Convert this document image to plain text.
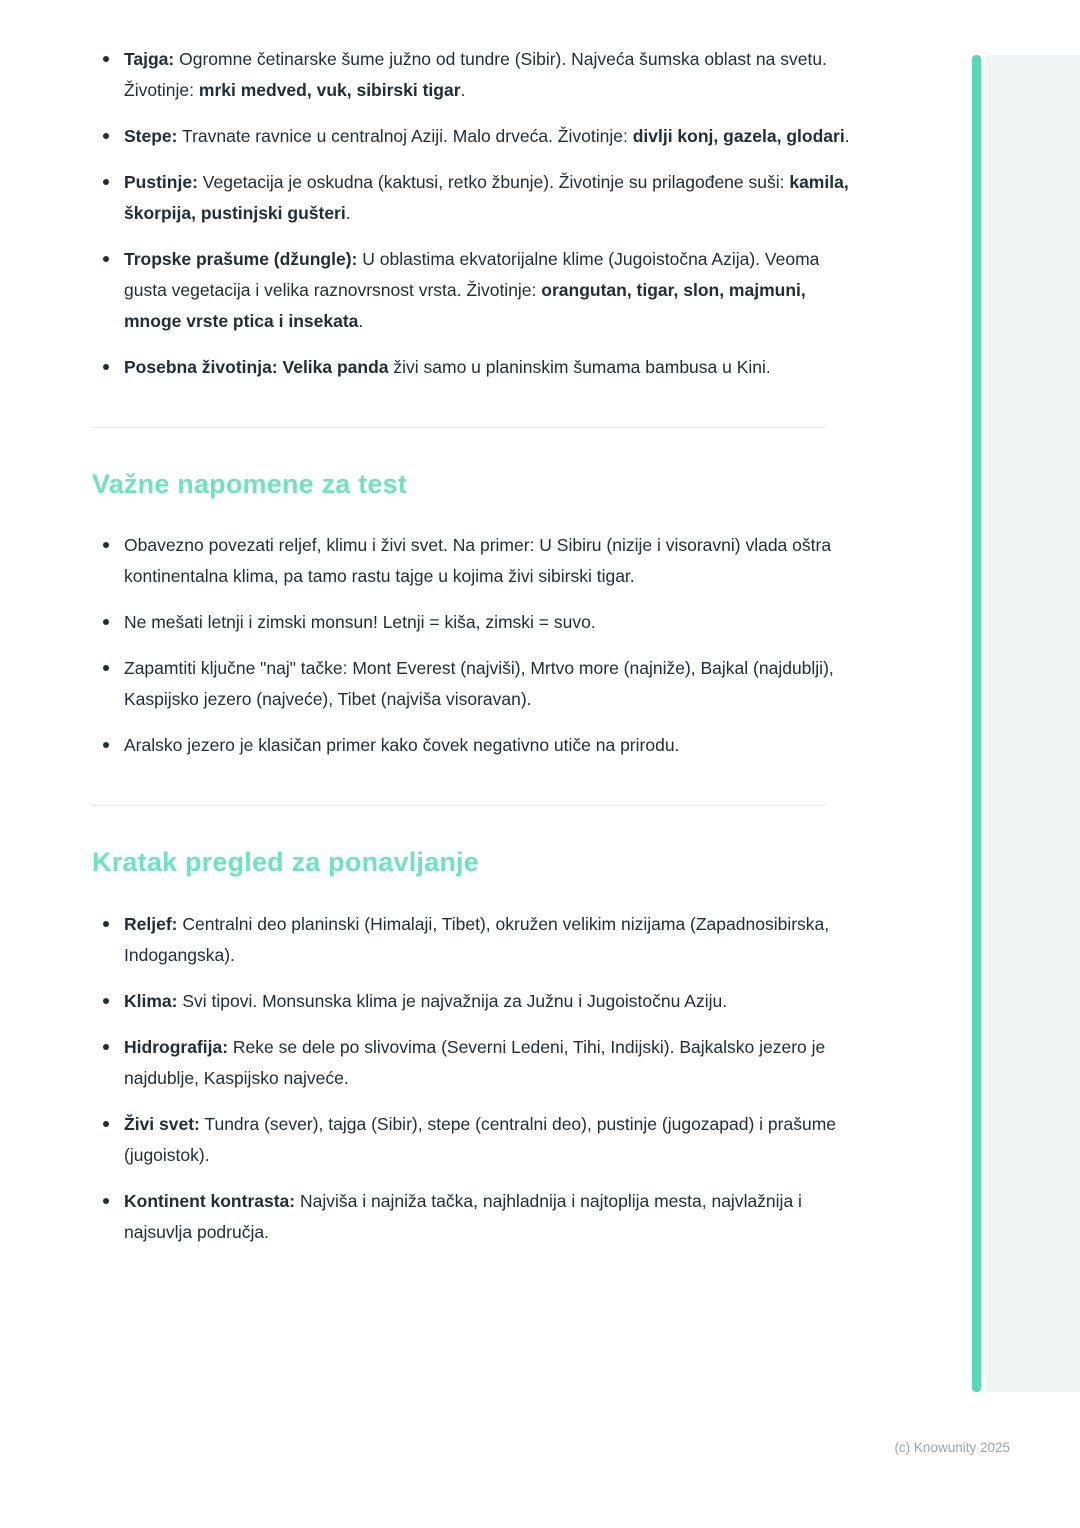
Tajga: Ogromne četinarske šume južno od tundre (Sibir). Najveća šumska oblast na svetu. Životinje: mrki medved, vuk, sibirski tigar.
Stepe: Travnate ravnice u centralnoj Aziji. Malo drveća. Životinje: divlji konj, gazela, glodari.
Pustinje: Vegetacija je oskudna (kaktusi, retko žbunje). Životinje su prilagođene suši: kamila, škorpija, pustinjski gušteri.
Tropske prašume (džungle): U oblastima ekvatorijalne klime (Jugoistočna Azija). Veoma gusta vegetacija i velika raznovrsnost vrsta. Životinje: orangutan, tigar, slon, majmuni, mnoge vrste ptica i insekata.
Posebna životinja: Velika panda živi samo u planinskim šumama bambusa u Kini.
Važne napomene za test
Obavezno povezati reljef, klimu i živi svet. Na primer: U Sibiru (nizije i visoravni) vlada oštra kontinentalna klima, pa tamo rastu tajge u kojima živi sibirski tigar.
Ne mešati letnji i zimski monsun! Letnji = kiša, zimski = suvo.
Zapamtiti ključne "naj" tačke: Mont Everest (najviši), Mrtvo more (najniže), Bajkal (najdublji), Kaspijsko jezero (najveće), Tibet (najviša visoravan).
Aralsko jezero je klasičan primer kako čovek negativno utiče na prirodu.
Kratak pregled za ponavljanje
Reljef: Centralni deo planinski (Himalaji, Tibet), okružen velikim nizijama (Zapadnosibirska, Indogangska).
Klima: Svi tipovi. Monsunska klima je najvažnija za Južnu i Jugoistočnu Aziju.
Hidrografija: Reke se dele po slivovima (Severni Ledeni, Tihi, Indijski). Bajkalsko jezero je najdublje, Kaspijsko najveće.
Živi svet: Tundra (sever), tajga (Sibir), stepe (centralni deo), pustinje (jugozapad) i prašume (jugoistok).
Kontinent kontrasta: Najviša i najniža tačka, najhladnija i najtoplija mesta, najvlažnija i najsuvlja područja.
(c) Knowunity 2025
